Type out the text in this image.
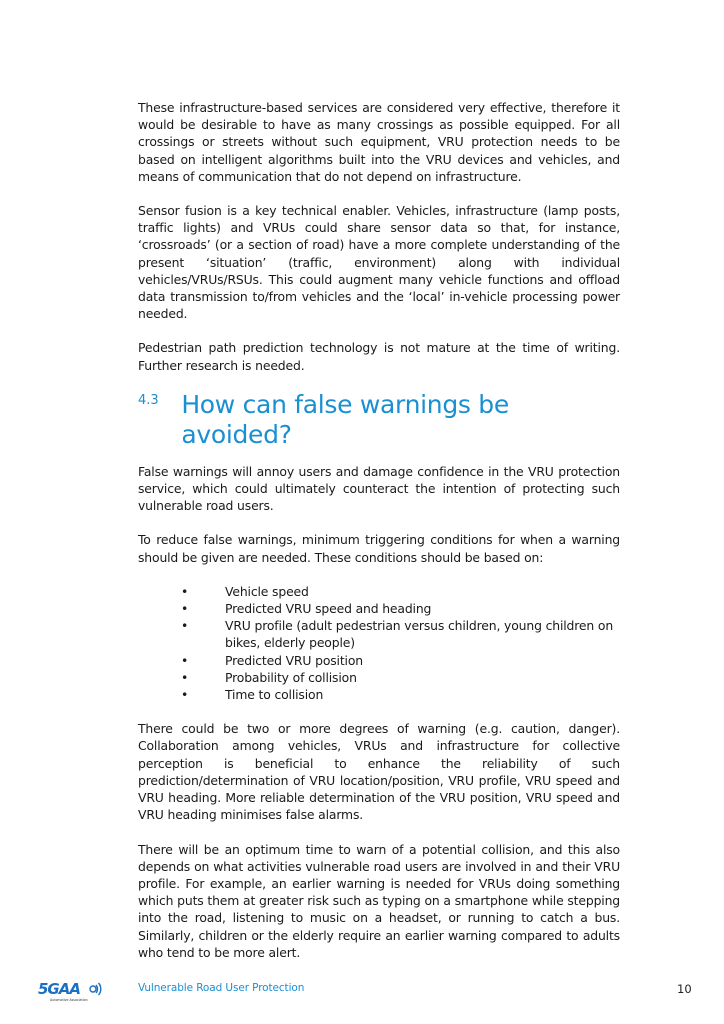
These infrastructure-based services are considered very effective, therefore it would be desirable to have as many crossings as possible equipped. For all crossings or streets without such equipment, VRU protection needs to be based on intelligent algorithms built into the VRU devices and vehicles, and means of communication that do not depend on infrastructure.

Sensor fusion is a key technical enabler. Vehicles, infrastructure (lamp posts, traffic lights) and VRUs could share sensor data so that, for instance, ‘crossroads’ (or a section of road) have a more complete understanding of the present ‘situation’ (traffic, environment) along with individual vehicles/VRUs/RSUs. This could augment many vehicle functions and offload data transmission to/from vehicles and the ‘local’ in-vehicle processing power needed.

Pedestrian path prediction technology is not mature at the time of writing. Further research is needed.

4.3 How can false warnings be avoided?

False warnings will annoy users and damage confidence in the VRU protection service, which could ultimately counteract the intention of protecting such vulnerable road users.

To reduce false warnings, minimum triggering conditions for when a warning should be given are needed. These conditions should be based on:

•	Vehicle speed
•	Predicted VRU speed and heading
•	VRU profile (adult pedestrian versus children, young children on bikes, elderly people)
•	Predicted VRU position
•	Probability of collision
•	Time to collision

There could be two or more degrees of warning (e.g. caution, danger). Collaboration among vehicles, VRUs and infrastructure for collective perception is beneficial to enhance the reliability of such prediction/determination of VRU location/position, VRU profile, VRU speed and VRU heading. More reliable determination of the VRU position, VRU speed and VRU heading minimises false alarms.

There will be an optimum time to warn of a potential collision, and this also depends on what activities vulnerable road users are involved in and their VRU profile. For example, an earlier warning is needed for VRUs doing something which puts them at greater risk such as typing on a smartphone while stepping into the road, listening to music on a headset, or running to catch a bus. Similarly, children or the elderly require an earlier warning compared to adults who tend to be more alert.

5GAA
Automotive Association
Vulnerable Road User Protection	10
